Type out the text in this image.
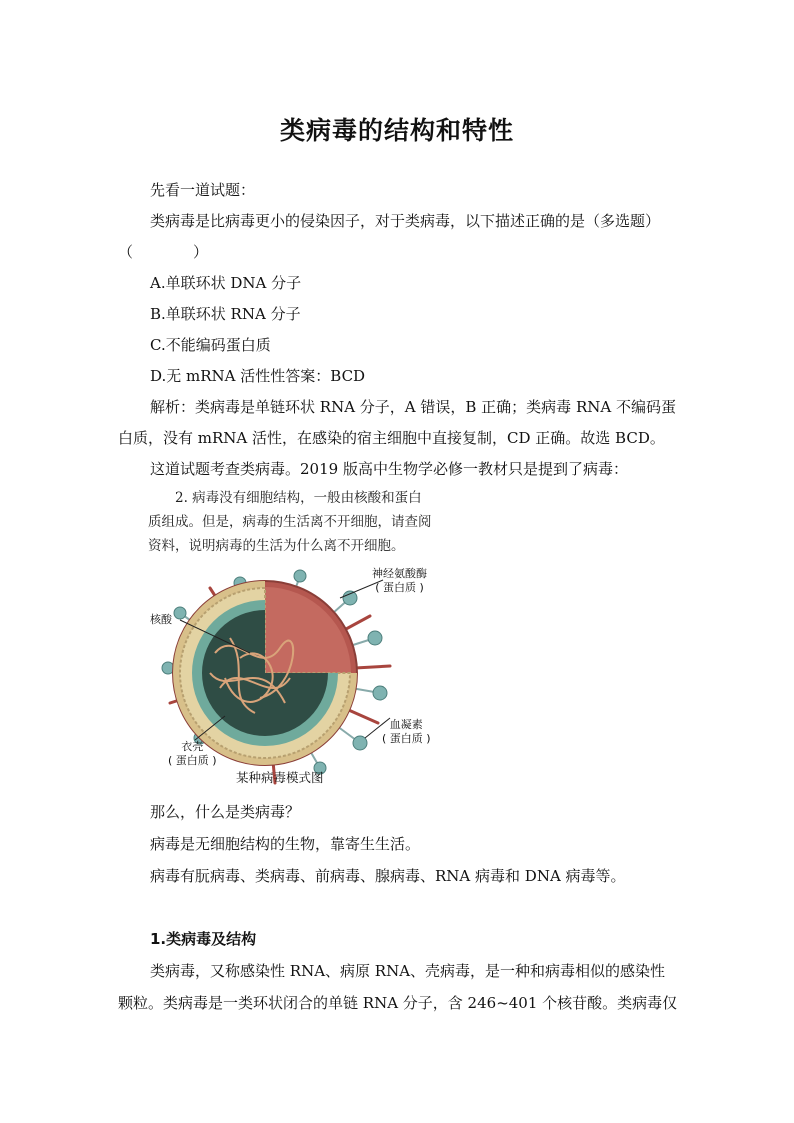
类病毒的结构和特性
先看一道试题：
类病毒是比病毒更小的侵染因子，对于类病毒，以下描述正确的是（多选题）
（　　　　）
A.单联环状 DNA 分子
B.单联环状 RNA 分子
C.不能编码蛋白质
D.无 mRNA 活性性答案：BCD
解析：类病毒是单链环状 RNA 分子，A 错误，B 正确；类病毒 RNA 不编码蛋
白质，没有 mRNA 活性，在感染的宿主细胞中直接复制，CD 正确。故选 BCD。
这道试题考查类病毒。2019 版高中生物学必修一教材只是提到了病毒：
2. 病毒没有细胞结构，一般由核酸和蛋白
质组成。但是，病毒的生活离不开细胞，请查阅
资料，说明病毒的生活为什么离不开细胞。
神经氨酸酶
( 蛋白质 )
核酸
血凝素
( 蛋白质 )
衣壳
( 蛋白质 )
某种病毒模式图
那么，什么是类病毒？
病毒是无细胞结构的生物，靠寄生生活。
病毒有朊病毒、类病毒、前病毒、腺病毒、RNA 病毒和 DNA 病毒等。
1.类病毒及结构
类病毒，又称感染性 RNA、病原 RNA、壳病毒，是一种和病毒相似的感染性
颗粒。类病毒是一类环状闭合的单链 RNA 分子，含 246~401 个核苷酸。类病毒仅
